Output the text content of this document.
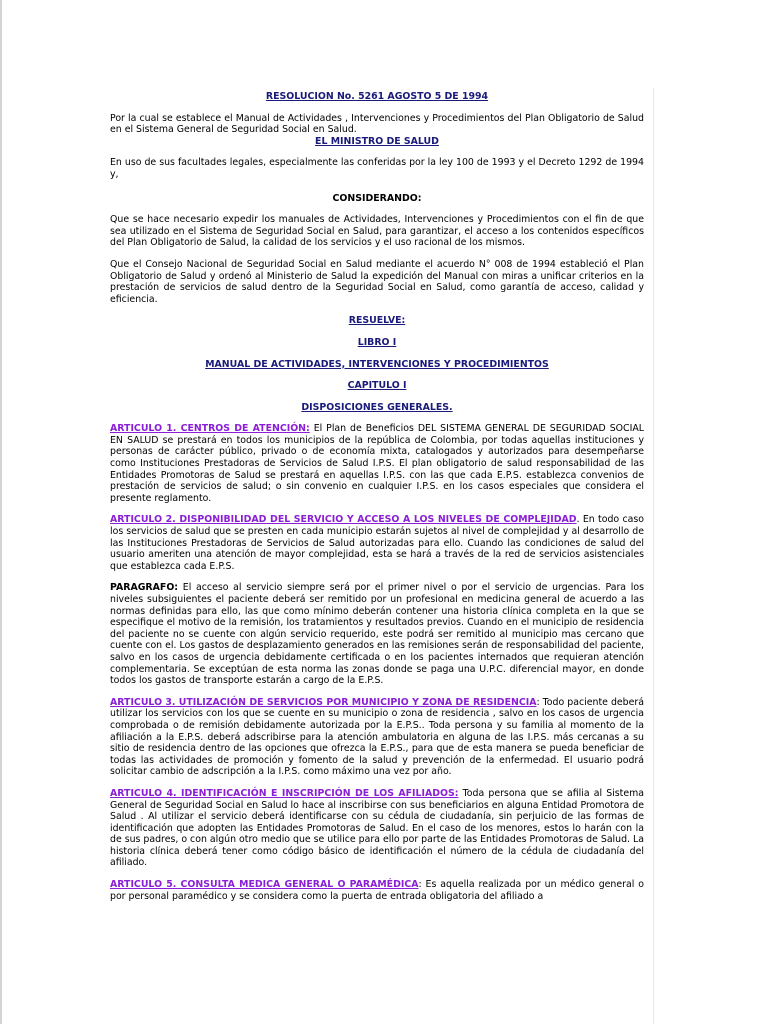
RESOLUCION No. 5261 AGOSTO 5 DE 1994

Por la cual se establece el Manual de Actividades , Intervenciones y Procedimientos del Plan Obligatorio de Salud en el Sistema General de Seguridad Social en Salud.

EL MINISTRO DE SALUD

En uso de sus facultades legales, especialmente las conferidas por la ley 100 de 1993 y el Decreto 1292 de 1994 y,

CONSIDERANDO:

Que se hace necesario expedir los manuales de Actividades, Intervenciones y Procedimientos con el fin de que sea utilizado en el Sistema de Seguridad Social en Salud, para garantizar, el acceso a los contenidos específicos del Plan Obligatorio de Salud, la calidad de los servicios y el uso racional de los mismos.

Que el Consejo Nacional de Seguridad Social en Salud mediante el acuerdo N° 008 de 1994 estableció el Plan Obligatorio de Salud y ordenó al Ministerio de Salud la expedición del Manual con miras a unificar criterios en la prestación de servicios de salud dentro de la Seguridad Social en Salud, como garantía de acceso, calidad y eficiencia.

RESUELVE:

LIBRO I

MANUAL DE ACTIVIDADES, INTERVENCIONES Y PROCEDIMIENTOS

CAPITULO I

DISPOSICIONES GENERALES.

ARTICULO 1. CENTROS DE ATENCIÓN: El Plan de Beneficios DEL SISTEMA GENERAL DE SEGURIDAD SOCIAL EN SALUD se prestará en todos los municipios de la república de Colombia, por todas aquellas instituciones y personas de carácter público, privado o de economía mixta, catalogados y autorizados para desempeñarse como Instituciones Prestadoras de Servicios de Salud I.P.S. El plan obligatorio de salud responsabilidad de las Entidades Promotoras de Salud se prestará en aquellas I.P.S. con las que cada E.P.S. establezca convenios de prestación de servicios de salud; o sin convenio en cualquier I.P.S. en los casos especiales que considera el presente reglamento.

ARTICULO 2. DISPONIBILIDAD DEL SERVICIO Y ACCESO A LOS NIVELES DE COMPLEJIDAD. En todo caso los servicios de salud que se presten en cada municipio estarán sujetos al nivel de complejidad y al desarrollo de las Instituciones Prestadoras de Servicios de Salud autorizadas para ello. Cuando las condiciones de salud del usuario ameriten una atención de mayor complejidad, esta se hará a través de la red de servicios asistenciales que establezca cada E.P.S.

PARAGRAFO: El acceso al servicio siempre será por el primer nivel o por el servicio de urgencias. Para los niveles subsiguientes el paciente deberá ser remitido por un profesional en medicina general de acuerdo a las normas definidas para ello, las que como mínimo deberán contener una historia clínica completa en la que se especifique el motivo de la remisión, los tratamientos y resultados previos. Cuando en el municipio de residencia del paciente no se cuente con algún servicio requerido, este podrá ser remitido al municipio mas cercano que cuente con el. Los gastos de desplazamiento generados en las remisiones serán de responsabilidad del paciente, salvo en los casos de urgencia debidamente certificada o en los pacientes internados que requieran atención complementaria. Se exceptúan de esta norma las zonas donde se paga una U.P.C. diferencial mayor, en donde todos los gastos de transporte estarán a cargo de la E.P.S.

ARTICULO 3. UTILIZACIÓN DE SERVICIOS POR MUNICIPIO Y ZONA DE RESIDENCIA: Todo paciente deberá utilizar los servicios con los que se cuente en su municipio o zona de residencia , salvo en los casos de urgencia comprobada o de remisión debidamente autorizada por la E.P.S.. Toda persona y su familia al momento de la afiliación a la E.P.S. deberá adscribirse para la atención ambulatoria en alguna de las I.P.S. más cercanas a su sitio de residencia dentro de las opciones que ofrezca la E.P.S., para que de esta manera se pueda beneficiar de todas las actividades de promoción y fomento de la salud y prevención de la enfermedad. El usuario podrá solicitar cambio de adscripción a la I.P.S. como máximo una vez por año.

ARTICULO 4. IDENTIFICACIÓN E INSCRIPCIÓN DE LOS AFILIADOS: Toda persona que se afilia al Sistema General de Seguridad Social en Salud lo hace al inscribirse con sus beneficiarios en alguna Entidad Promotora de Salud . Al utilizar el servicio deberá identificarse con su cédula de ciudadanía, sin perjuicio de las formas de identificación que adopten las Entidades Promotoras de Salud. En el caso de los menores, estos lo harán con la de sus padres, o con algún otro medio que se utilice para ello por parte de las Entidades Promotoras de Salud. La historia clínica deberá tener como código básico de identificación el número de la cédula de ciudadanía del afiliado.

ARTICULO 5. CONSULTA MEDICA GENERAL O PARAMÉDICA: Es aquella realizada por un médico general o por personal paramédico y se considera como la puerta de entrada obligatoria del afiliado a
